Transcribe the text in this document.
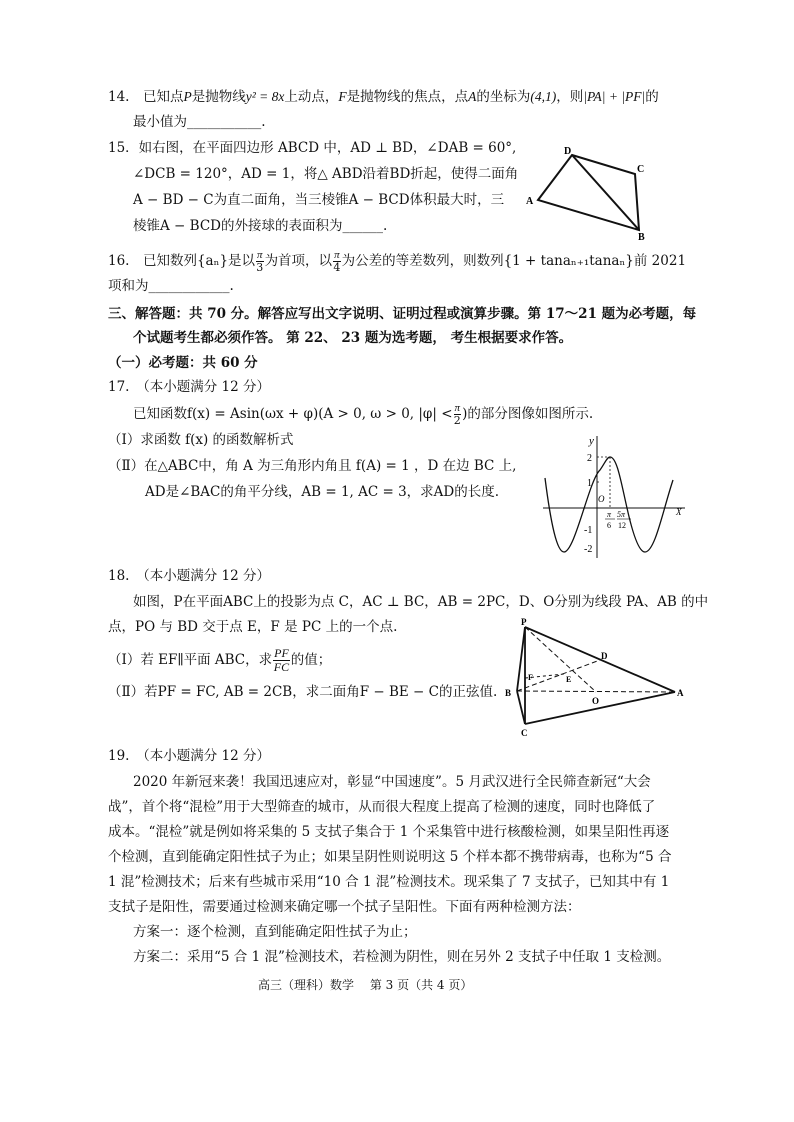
14.　已知点P是抛物线y² = 8x上动点，F是抛物线的焦点，点A的坐标为(4,1)，则|PA| + |PF|的
最小值为___________.
15．如右图，在平面四边形 ABCD 中，AD ⊥ BD，∠DAB = 60°,
∠DCB = 120°，AD = 1，将△ ABD沿着BD折起，使得二面角
A − BD − C为直二面角，当三棱锥A − BCD体积最大时，三
棱锥A − BCD的外接球的表面积为______.
D
C
A
B
16.　已知数列{aₙ}是以 $\frac{\pi}{3}$ 为首项，以 $\frac{\pi}{4}$ 为公差的等差数列，则数列{1 + tanaₙ₊₁tanaₙ}前 2021
项和为____________.
三、解答题：共 70 分。解答应写出文字说明、证明过程或演算步骤。第 17～21 题为必考题，每
个试题考生都必须作答。 第 22、 23 题为选考题， 考生根据要求作答。
（一）必考题：共 60 分
17.　（本小题满分 12 分）
已知函数f(x) = Asin(ωx + φ)(A > 0, ω > 0, $|\varphi| < \frac{\pi}{2}$ )的部分图像如图所示.
（Ⅰ）求函数 f(x) 的函数解析式
（Ⅱ）在△ABC中，角 A 为三角形内角且 f(A) = 1 ，D 在边 BC 上,
AD是∠BAC的角平分线，AB = 1, AC = 3，求AD的长度.
y
X
O
2
1
-1
-2
π
6
5π
12
18.　（本小题满分 12 分）
如图，P在平面ABC上的投影为点 C，AC ⊥ BC，AB = 2PC，D、O分别为线段 PA、AB 的中
点，PO 与 BD 交于点 E，F 是 PC 上的一个点.
（Ⅰ）若 EF∥平面 ABC，求 $\frac{PF}{FC}$ 的值；
（Ⅱ）若PF = FC, AB = 2CB，求二面角F − BE − C的正弦值.
P
D
F	E
B
O
A
C
19.　（本小题满分 12 分）
2020 年新冠来袭！我国迅速应对，彰显“中国速度”。5 月武汉进行全民筛查新冠“大会
战”，首个将“混检”用于大型筛查的城市，从而很大程度上提高了检测的速度，同时也降低了
成本。“混检”就是例如将采集的 5 支拭子集合于 1 个采集管中进行核酸检测，如果呈阳性再逐
个检测，直到能确定阳性拭子为止；如果呈阴性则说明这 5 个样本都不携带病毒，也称为“5 合
1 混”检测技术；后来有些城市采用“10 合 1 混”检测技术。现采集了 7 支拭子，已知其中有 1
支拭子是阳性，需要通过检测来确定哪一个拭子呈阳性。下面有两种检测方法：
方案一：逐个检测，直到能确定阳性拭子为止；
方案二：采用“5 合 1 混”检测技术，若检测为阴性，则在另外 2 支拭子中任取 1 支检测。
高三（理科）数学　 第 3 页（共 4 页）
